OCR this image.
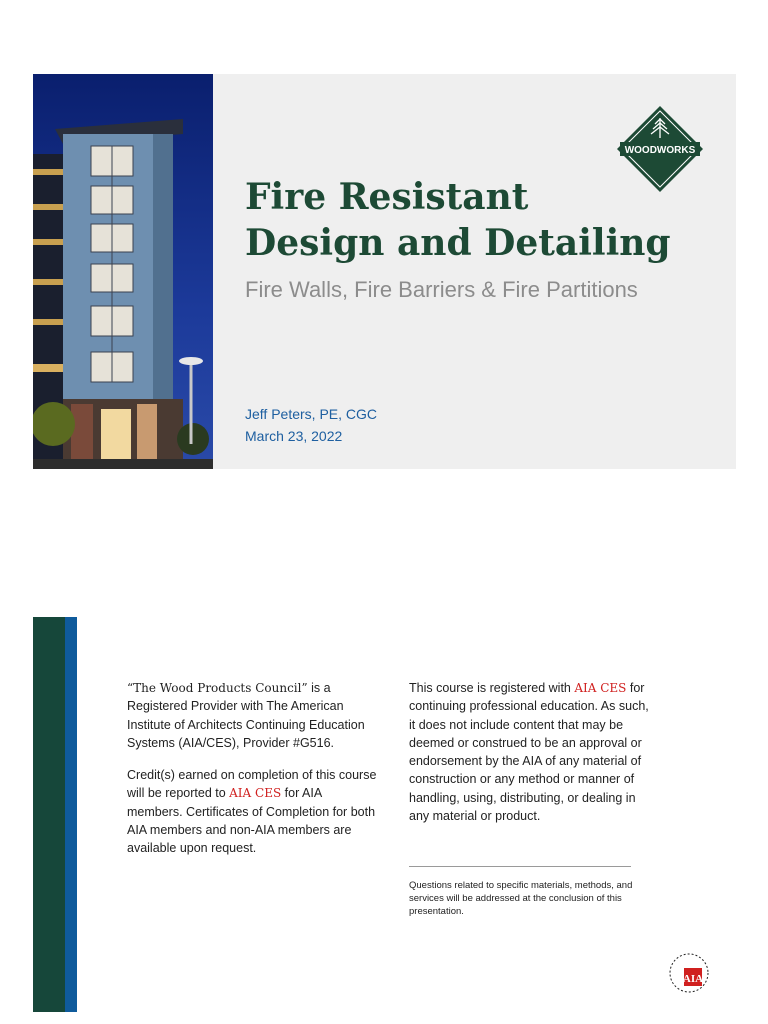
WOODWORKS
Fire Resistant
Design and Detailing

Fire Walls, Fire Barriers & Fire Partitions

Jeff Peters, PE, CGC
March 23, 2022

“The Wood Products Council” is a Registered Provider with The American Institute of Architects Continuing Education Systems (AIA/CES), Provider #G516.

Credit(s) earned on completion of this course will be reported to AIA CES for AIA members. Certificates of Completion for both AIA members and non-AIA members are available upon request.

This course is registered with AIA CES for continuing professional education. As such, it does not include content that may be deemed or construed to be an approval or endorsement by the AIA of any material of construction or any method or manner of handling, using, distributing, or dealing in any material or product.

Questions related to specific materials, methods, and services will be addressed at the conclusion of this presentation.
AIA
